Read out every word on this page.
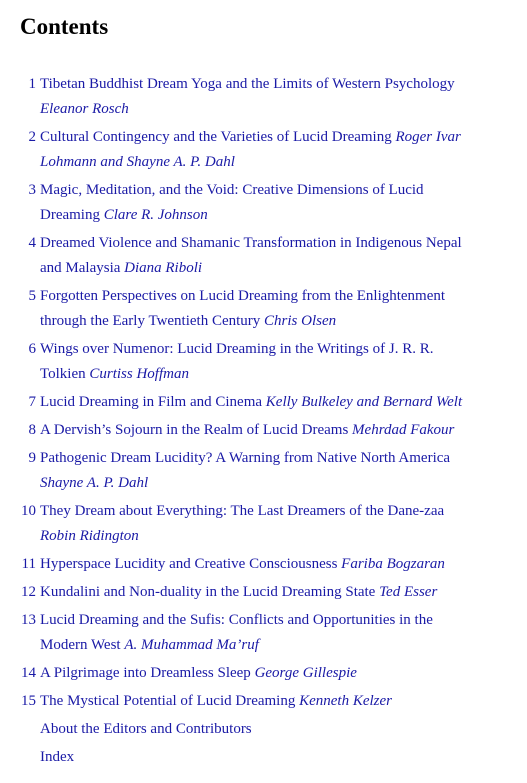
Contents
1 Tibetan Buddhist Dream Yoga and the Limits of Western Psychology
Eleanor Rosch
2 Cultural Contingency and the Varieties of Lucid Dreaming Roger Ivar
Lohmann and Shayne A. P. Dahl
3 Magic, Meditation, and the Void: Creative Dimensions of Lucid
Dreaming Clare R. Johnson
4 Dreamed Violence and Shamanic Transformation in Indigenous Nepal
and Malaysia Diana Riboli
5 Forgotten Perspectives on Lucid Dreaming from the Enlightenment
through the Early Twentieth Century Chris Olsen
6 Wings over Numenor: Lucid Dreaming in the Writings of J. R. R.
Tolkien Curtiss Hoffman
7 Lucid Dreaming in Film and Cinema Kelly Bulkeley and Bernard Welt
8 A Dervish’s Sojourn in the Realm of Lucid Dreams Mehrdad Fakour
9 Pathogenic Dream Lucidity? A Warning from Native North America
Shayne A. P. Dahl
10 They Dream about Everything: The Last Dreamers of the Dane-zaa
Robin Ridington
11 Hyperspace Lucidity and Creative Consciousness Fariba Bogzaran
12 Kundalini and Non-duality in the Lucid Dreaming State Ted Esser
13 Lucid Dreaming and the Sufis: Conflicts and Opportunities in the
Modern West A. Muhammad Ma’ruf
14 A Pilgrimage into Dreamless Sleep George Gillespie
15 The Mystical Potential of Lucid Dreaming Kenneth Kelzer
About the Editors and Contributors
Index
